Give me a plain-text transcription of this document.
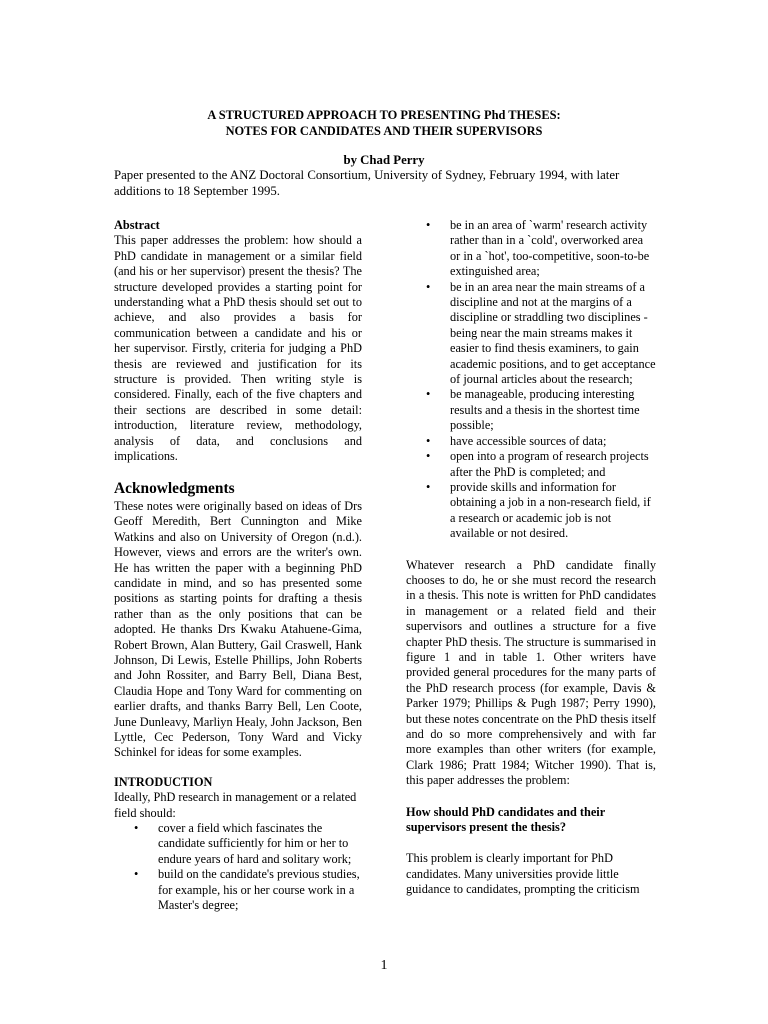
A STRUCTURED APPROACH TO PRESENTING Phd THESES:
NOTES FOR CANDIDATES AND THEIR SUPERVISORS
by Chad Perry
Paper presented to the ANZ Doctoral Consortium, University of Sydney, February 1994, with later additions to 18 September 1995.
Abstract

This paper addresses the problem: how should a PhD candidate in management or a similar field (and his or her supervisor) present the thesis? The structure developed provides a starting point for understanding what a PhD thesis should set out to achieve, and also provides a basis for communication between a candidate and his or her supervisor. Firstly, criteria for judging a PhD thesis are reviewed and justification for its structure is provided. Then writing style is considered. Finally, each of the five chapters and their sections are described in some detail: introduction, literature review, methodology, analysis of data, and conclusions and implications.

Acknowledgments

These notes were originally based on ideas of Drs Geoff Meredith, Bert Cunnington and Mike Watkins and also on University of Oregon (n.d.). However, views and errors are the writer's own. He has written the paper with a beginning PhD candidate in mind, and so has presented some positions as starting points for drafting a thesis rather than as the only positions that can be adopted. He thanks Drs Kwaku Atahuene-Gima, Robert Brown, Alan Buttery, Gail Craswell, Hank Johnson, Di Lewis, Estelle Phillips, John Roberts and John Rossiter, and Barry Bell, Diana Best, Claudia Hope and Tony Ward for commenting on earlier drafts, and thanks Barry Bell, Len Coote, June Dunleavy, Marliyn Healy, John Jackson, Ben Lyttle, Cec Pederson, Tony Ward and Vicky Schinkel for ideas for some examples.

INTRODUCTION

Ideally, PhD research in management or a related field should:

• cover a field which fascinates the candidate sufficiently for him or her to endure years of hard and solitary work;
• build on the candidate's previous studies, for example, his or her course work in a Master's degree;
• be in an area of `warm' research activity rather than in a `cold', overworked area or in a `hot', too-competitive, soon-to-be extinguished area;
• be in an area near the main streams of a discipline and not at the margins of a discipline or straddling two disciplines - being near the main streams makes it easier to find thesis examiners, to gain academic positions, and to get acceptance of journal articles about the research;
• be manageable, producing interesting results and a thesis in the shortest time possible;
• have accessible sources of data;
• open into a program of research projects after the PhD is completed; and
• provide skills and information for obtaining a job in a non-research field, if a research or academic job is not available or not desired.

Whatever research a PhD candidate finally chooses to do, he or she must record the research in a thesis. This note is written for PhD candidates in management or a related field and their supervisors and outlines a structure for a five chapter PhD thesis. The structure is summarised in figure 1 and in table 1. Other writers have provided general procedures for the many parts of the PhD research process (for example, Davis & Parker 1979; Phillips & Pugh 1987; Perry 1990), but these notes concentrate on the PhD thesis itself and do so more comprehensively and with far more examples than other writers (for example, Clark 1986; Pratt 1984; Witcher 1990). That is, this paper addresses the problem:

How should PhD candidates and their supervisors present the thesis?

This problem is clearly important for PhD candidates. Many universities provide little guidance to candidates, prompting the criticism

1
